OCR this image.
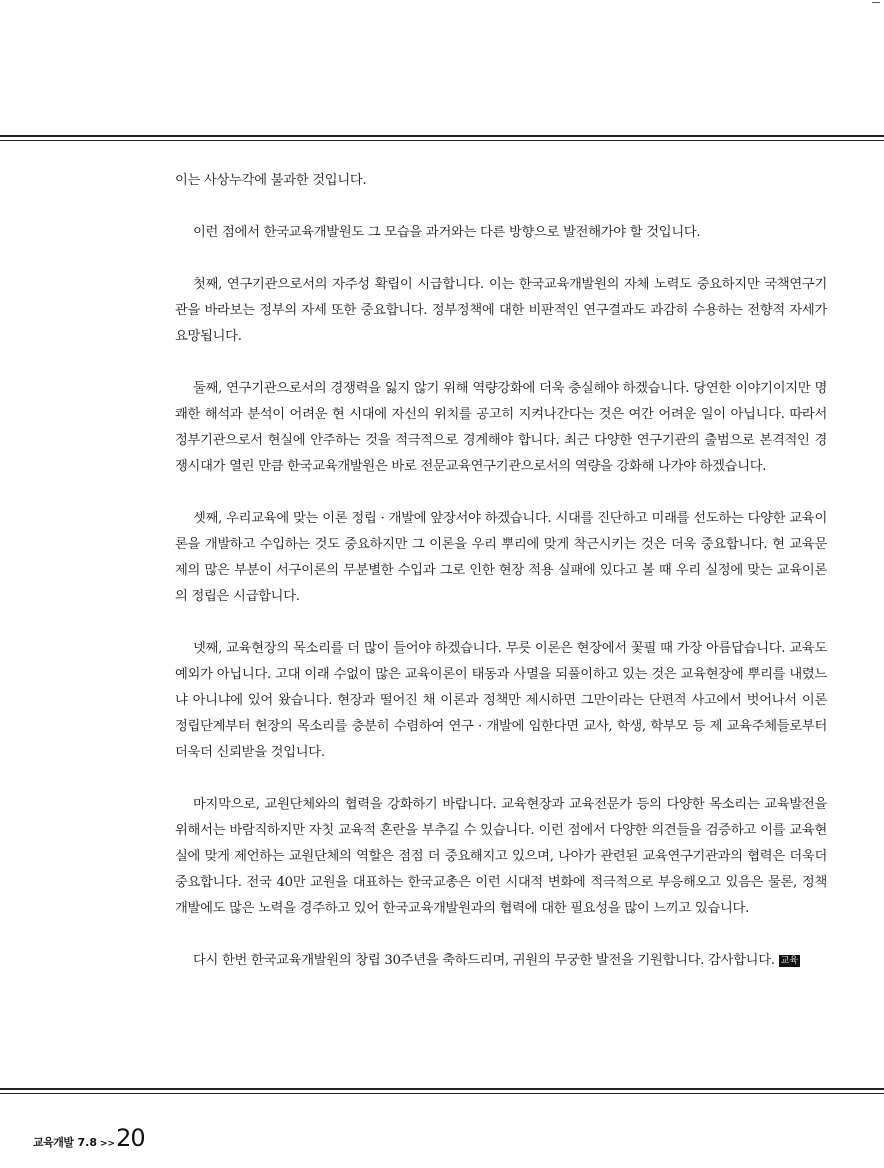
이는 사상누각에 불과한 것입니다.

이런 점에서 한국교육개발원도 그 모습을 과거와는 다른 방향으로 발전해가야 할 것입니다.

첫째, 연구기관으로서의 자주성 확립이 시급합니다. 이는 한국교육개발원의 자체 노력도 중요하지만 국책연구기관을 바라보는 정부의 자세 또한 중요합니다. 정부정책에 대한 비판적인 연구결과도 과감히 수용하는 전향적 자세가 요망됩니다.

둘째, 연구기관으로서의 경쟁력을 잃지 않기 위해 역량강화에 더욱 충실해야 하겠습니다. 당연한 이야기이지만 명쾌한 해석과 분석이 어려운 현 시대에 자신의 위치를 공고히 지켜나간다는 것은 여간 어려운 일이 아닙니다. 따라서 정부기관으로서 현실에 안주하는 것을 적극적으로 경계해야 합니다. 최근 다양한 연구기관의 출범으로 본격적인 경쟁시대가 열린 만큼 한국교육개발원은 바로 전문교육연구기관으로서의 역량을 강화해 나가야 하겠습니다.

셋째, 우리교육에 맞는 이론 정립 · 개발에 앞장서야 하겠습니다. 시대를 진단하고 미래를 선도하는 다양한 교육이론을 개발하고 수입하는 것도 중요하지만 그 이론을 우리 뿌리에 맞게 착근시키는 것은 더욱 중요합니다. 현 교육문제의 많은 부분이 서구이론의 무분별한 수입과 그로 인한 현장 적용 실패에 있다고 볼 때 우리 실정에 맞는 교육이론의 정립은 시급합니다.

넷째, 교육현장의 목소리를 더 많이 들어야 하겠습니다. 무릇 이론은 현장에서 꽃필 때 가장 아름답습니다. 교육도 예외가 아닙니다. 고대 이래 수없이 많은 교육이론이 태동과 사멸을 되풀이하고 있는 것은 교육현장에 뿌리를 내렸느냐 아니냐에 있어 왔습니다. 현장과 떨어진 채 이론과 정책만 제시하면 그만이라는 단편적 사고에서 벗어나서 이론 정립단계부터 현장의 목소리를 충분히 수렴하여 연구 · 개발에 임한다면 교사, 학생, 학부모 등 제 교육주체들로부터 더욱더 신뢰받을 것입니다.

마지막으로, 교원단체와의 협력을 강화하기 바랍니다. 교육현장과 교육전문가 등의 다양한 목소리는 교육발전을 위해서는 바람직하지만 자칫 교육적 혼란을 부추길 수 있습니다. 이런 점에서 다양한 의견들을 검증하고 이를 교육현실에 맞게 제언하는 교원단체의 역할은 점점 더 중요해지고 있으며, 나아가 관련된 교육연구기관과의 협력은 더욱더 중요합니다. 전국 40만 교원을 대표하는 한국교총은 이런 시대적 변화에 적극적으로 부응해오고 있음은 물론, 정책개발에도 많은 노력을 경주하고 있어 한국교육개발원과의 협력에 대한 필요성을 많이 느끼고 있습니다.

다시 한번 한국교육개발원의 창립 30주년을 축하드리며, 귀원의 무궁한 발전을 기원합니다. 감사합니다. 교육

교육개발 7.8 >> 20
